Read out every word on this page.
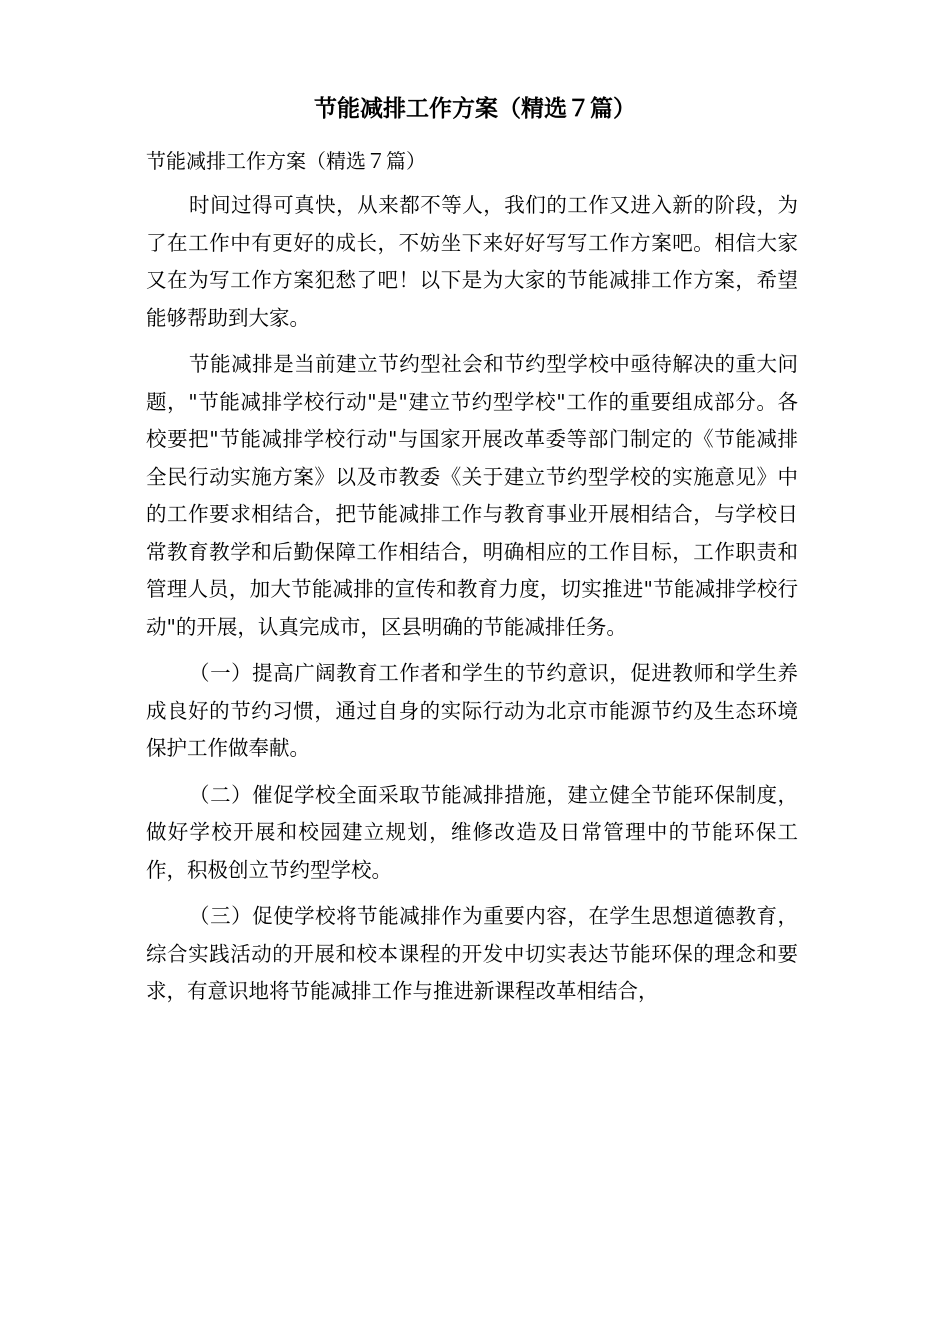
节能减排工作方案（精选７篇）

节能减排工作方案（精选７篇）

时间过得可真快，从来都不等人，我们的工作又进入新的阶段，为了在工作中有更好的成长，不妨坐下来好好写写工作方案吧。相信大家又在为写工作方案犯愁了吧！以下是为大家的节能减排工作方案，希望能够帮助到大家。

节能减排是当前建立节约型社会和节约型学校中亟待解决的重大问题，"节能减排学校行动"是"建立节约型学校"工作的重要组成部分。各校要把"节能减排学校行动"与国家开展改革委等部门制定的《节能减排全民行动实施方案》以及市教委《关于建立节约型学校的实施意见》中的工作要求相结合，把节能减排工作与教育事业开展相结合，与学校日常教育教学和后勤保障工作相结合，明确相应的工作目标，工作职责和管理人员，加大节能减排的宣传和教育力度，切实推进"节能减排学校行动"的开展，认真完成市，区县明确的节能减排任务。

（一）提高广阔教育工作者和学生的节约意识，促进教师和学生养成良好的节约习惯，通过自身的实际行动为北京市能源节约及生态环境保护工作做奉献。

（二）催促学校全面采取节能减排措施，建立健全节能环保制度，做好学校开展和校园建立规划，维修改造及日常管理中的节能环保工作，积极创立节约型学校。

（三）促使学校将节能减排作为重要内容，在学生思想道德教育，综合实践活动的开展和校本课程的开发中切实表达节能环保的理念和要求，有意识地将节能减排工作与推进新课程改革相结合，
